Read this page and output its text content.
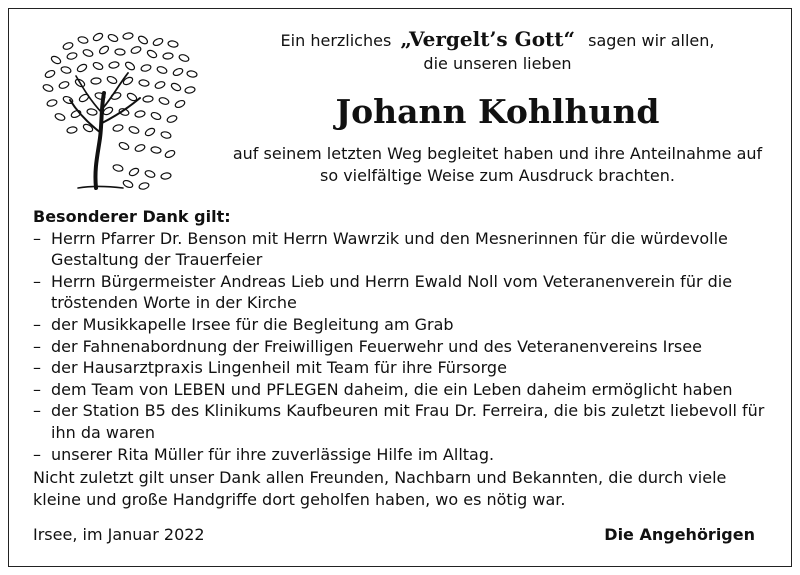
Ein herzliches „Vergelt’s Gott“ sagen wir allen,
die unseren lieben
Johann Kohlhund
auf seinem letzten Weg begleitet haben und ihre Anteilnahme auf
so vielfältige Weise zum Ausdruck brachten.
Besonderer Dank gilt:
– Herrn Pfarrer Dr. Benson mit Herrn Wawrzik und den Mesnerinnen für die würdevolle Gestaltung der Trauerfeier
– Herrn Bürgermeister Andreas Lieb und Herrn Ewald Noll vom Veteranenverein für die tröstenden Worte in der Kirche
– der Musikkapelle Irsee für die Begleitung am Grab
– der Fahnenabordnung der Freiwilligen Feuerwehr und des Veteranenvereins Irsee
– der Hausarztpraxis Lingenheil mit Team für ihre Fürsorge
– dem Team von LEBEN und PFLEGEN daheim, die ein Leben daheim ermöglicht haben
– der Station B5 des Klinikums Kaufbeuren mit Frau Dr. Ferreira, die bis zuletzt liebevoll für ihn da waren
– unserer Rita Müller für ihre zuverlässige Hilfe im Alltag.
Nicht zuletzt gilt unser Dank allen Freunden, Nachbarn und Bekannten, die durch viele kleine und große Handgriffe dort geholfen haben, wo es nötig war.
Irsee, im Januar 2022	Die Angehörigen
